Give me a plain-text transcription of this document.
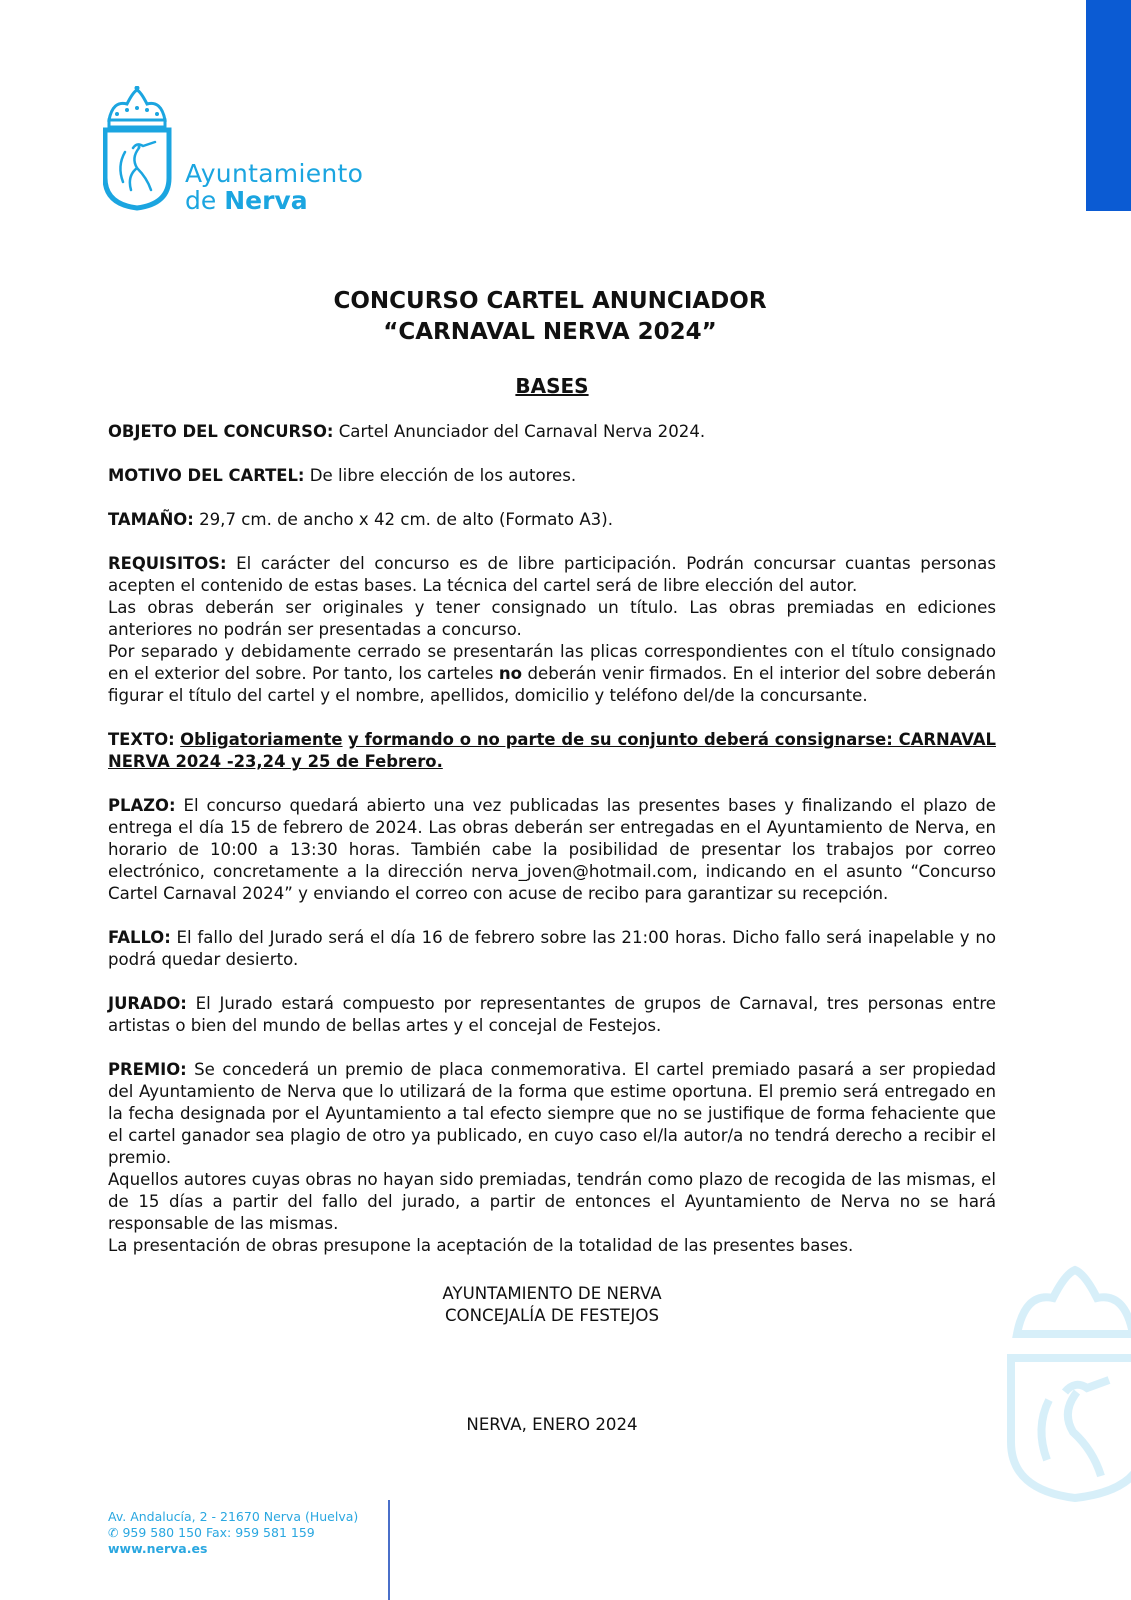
Ayuntamiento
de Nerva
CONCURSO CARTEL ANUNCIADOR
“CARNAVAL NERVA 2024”
BASES

OBJETO DEL CONCURSO: Cartel Anunciador del Carnaval Nerva 2024.

MOTIVO DEL CARTEL: De libre elección de los autores.

TAMAÑO: 29,7 cm. de ancho x 42 cm. de alto (Formato A3).

REQUISITOS: El carácter del concurso es de libre participación. Podrán concursar cuantas personas acepten el contenido de estas bases. La técnica del cartel será de libre elección del autor.

Las obras deberán ser originales y tener consignado un título. Las obras premiadas en ediciones anteriores no podrán ser presentadas a concurso.

Por separado y debidamente cerrado se presentarán las plicas correspondientes con el título consignado en el exterior del sobre. Por tanto, los carteles no deberán venir firmados. En el interior del sobre deberán figurar el título del cartel y el nombre, apellidos, domicilio y teléfono del/de la concursante.

TEXTO: Obligatoriamente y formando o no parte de su conjunto deberá consignarse: CARNAVAL NERVA 2024 -23,24 y 25 de Febrero.

PLAZO: El concurso quedará abierto una vez publicadas las presentes bases y finalizando el plazo de entrega el día 15 de febrero de 2024. Las obras deberán ser entregadas en el Ayuntamiento de Nerva, en horario de 10:00 a 13:30 horas. También cabe la posibilidad de presentar los trabajos por correo electrónico, concretamente a la dirección nerva_joven@hotmail.com, indicando en el asunto “Concurso Cartel Carnaval 2024” y enviando el correo con acuse de recibo para garantizar su recepción.

FALLO: El fallo del Jurado será el día 16 de febrero sobre las 21:00 horas. Dicho fallo será inapelable y no podrá quedar desierto.

JURADO: El Jurado estará compuesto por representantes de grupos de Carnaval, tres personas entre artistas o bien del mundo de bellas artes y el concejal de Festejos.

PREMIO: Se concederá un premio de placa conmemorativa. El cartel premiado pasará a ser propiedad del Ayuntamiento de Nerva que lo utilizará de la forma que estime oportuna. El premio será entregado en la fecha designada por el Ayuntamiento a tal efecto siempre que no se justifique de forma fehaciente que el cartel ganador sea plagio de otro ya publicado, en cuyo caso el/la autor/a no tendrá derecho a recibir el premio.

Aquellos autores cuyas obras no hayan sido premiadas, tendrán como plazo de recogida de las mismas, el de 15 días a partir del fallo del jurado, a partir de entonces el Ayuntamiento de Nerva no se hará responsable de las mismas.

La presentación de obras presupone la aceptación de la totalidad de las presentes bases.

AYUNTAMIENTO DE NERVA
CONCEJALÍA DE FESTEJOS
NERVA, ENERO 2024
Av. Andalucía, 2 - 21670 Nerva (Huelva)
✆ 959 580 150 Fax: 959 581 159
www.nerva.es
